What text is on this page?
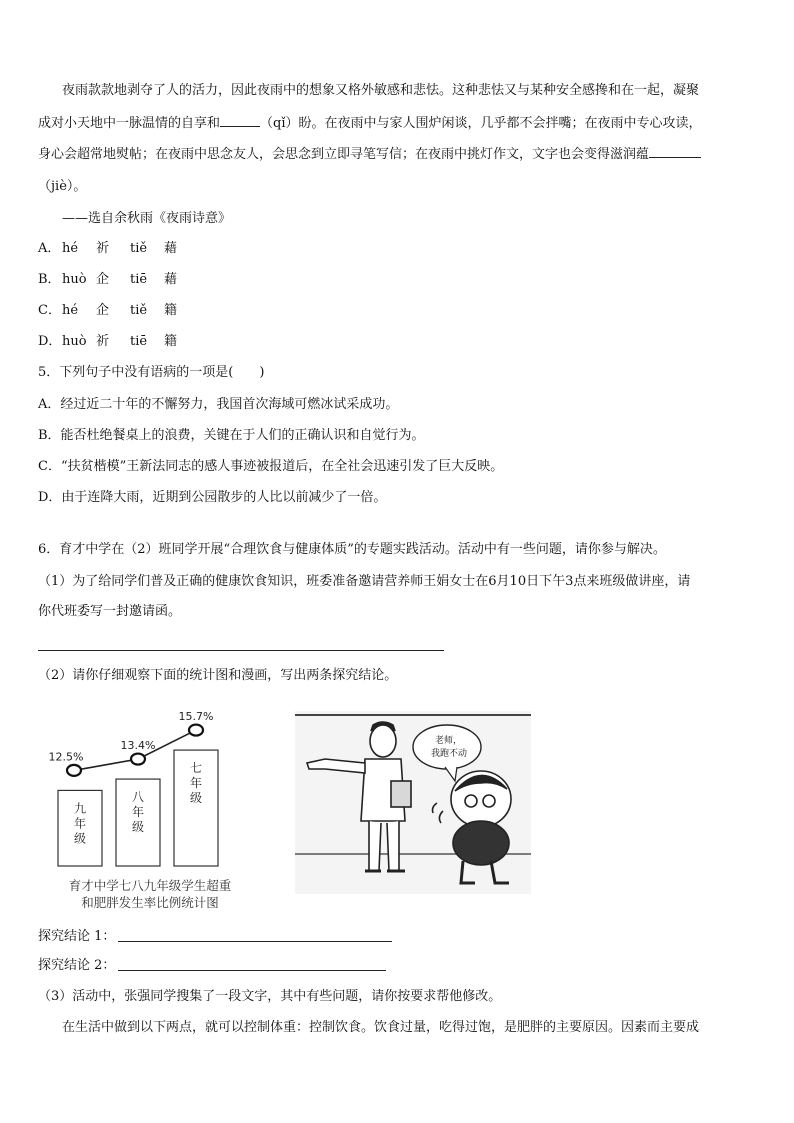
夜雨款款地剥夺了人的活力，因此夜雨中的想象又格外敏感和悲怯。这种悲怯又与某种安全感搀和在一起，凝聚
成对小天地中一脉温情的自享和	（qǐ）盼。在夜雨中与家人围炉闲谈，几乎都不会拌嘴；在夜雨中专心攻读，
身心会超常地熨帖；在夜雨中思念友人，会思念到立即寻笔写信；在夜雨中挑灯作文，文字也会变得滋润蕴
（jiè）。
——选自余秋雨《夜雨诗意》
A． hé 祈 tiě 藉
B．huò 企 tiē 藉
C．hé 企 tiě 籍
D．huò 祈 tiē 籍
5．下列句子中没有语病的一项是(　　)
A．经过近二十年的不懈努力，我国首次海域可燃冰试采成功。
B．能否杜绝餐桌上的浪费，关键在于人们的正确认识和自觉行为。
C．“扶贫楷模”王新法同志的感人事迹被报道后，在全社会迅速引发了巨大反映。
D．由于连降大雨，近期到公园散步的人比以前减少了一倍。
6．育才中学在（2）班同学开展“合理饮食与健康体质”的专题实践活动。活动中有一些问题，请你参与解决。
（1）为了给同学们普及正确的健康饮食知识，班委准备邀请营养师王娟女士在6月10日下午3点来班级做讲座，请
你代班委写一封邀请函。
（2）请你仔细观察下面的统计图和漫画，写出两条探究结论。
九
年
级
八
年
级
七
年
级
12.5%
13.4%
15.7%
育才中学七八九年级学生超重
和肥胖发生率比例统计图
老师，
我跑不动
探究结论 1：
探究结论 2：
（3）活动中，张强同学搜集了一段文字，其中有些问题，请你按要求帮他修改。
在生活中做到以下两点，就可以控制体重：控制饮食。饮食过量，吃得过饱，是肥胖的主要原因。因素而主要成
